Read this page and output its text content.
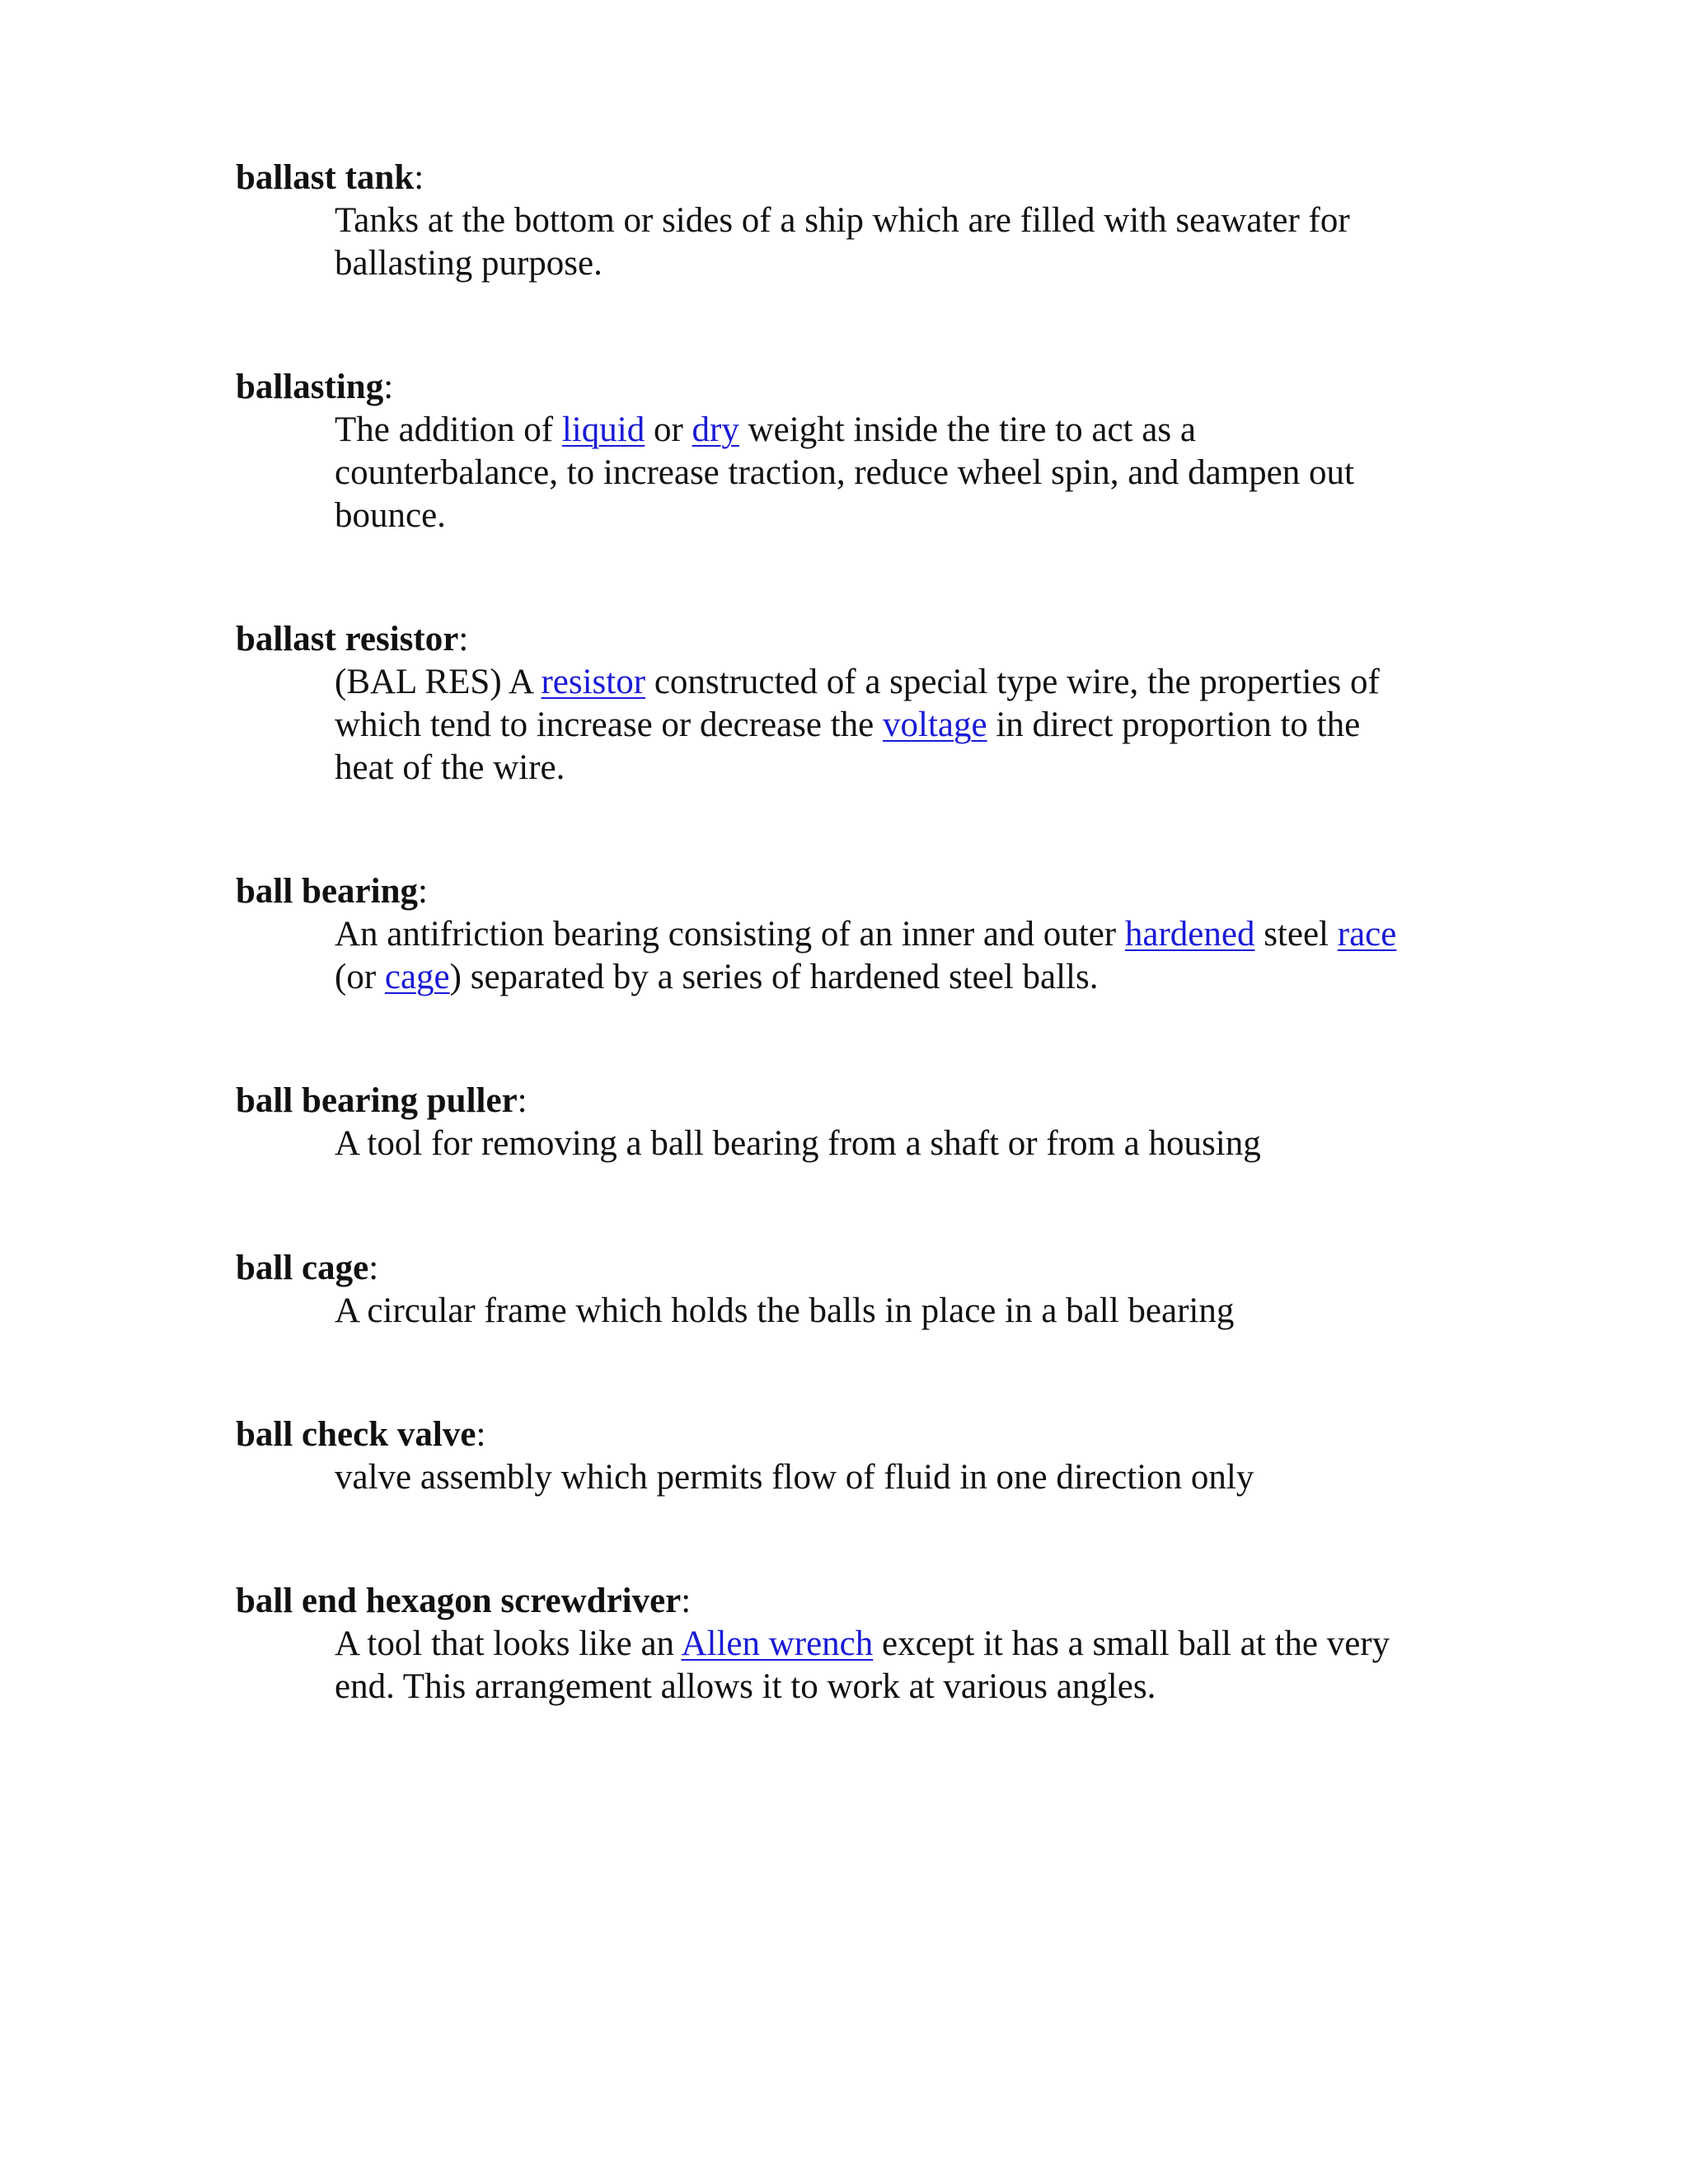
ballast tank:

Tanks at the bottom or sides of a ship which are filled with seawater for
ballasting purpose.

ballasting:

The addition of liquid or dry weight inside the tire to act as a
counterbalance, to increase traction, reduce wheel spin, and dampen out
bounce.

ballast resistor:

(BAL RES) A resistor constructed of a special type wire, the properties of
which tend to increase or decrease the voltage in direct proportion to the
heat of the wire.

ball bearing:

An antifriction bearing consisting of an inner and outer hardened steel race
(or cage) separated by a series of hardened steel balls.

ball bearing puller:

A tool for removing a ball bearing from a shaft or from a housing

ball cage:

A circular frame which holds the balls in place in a ball bearing

ball check valve:

valve assembly which permits flow of fluid in one direction only

ball end hexagon screwdriver:

A tool that looks like an Allen wrench except it has a small ball at the very
end. This arrangement allows it to work at various angles.
